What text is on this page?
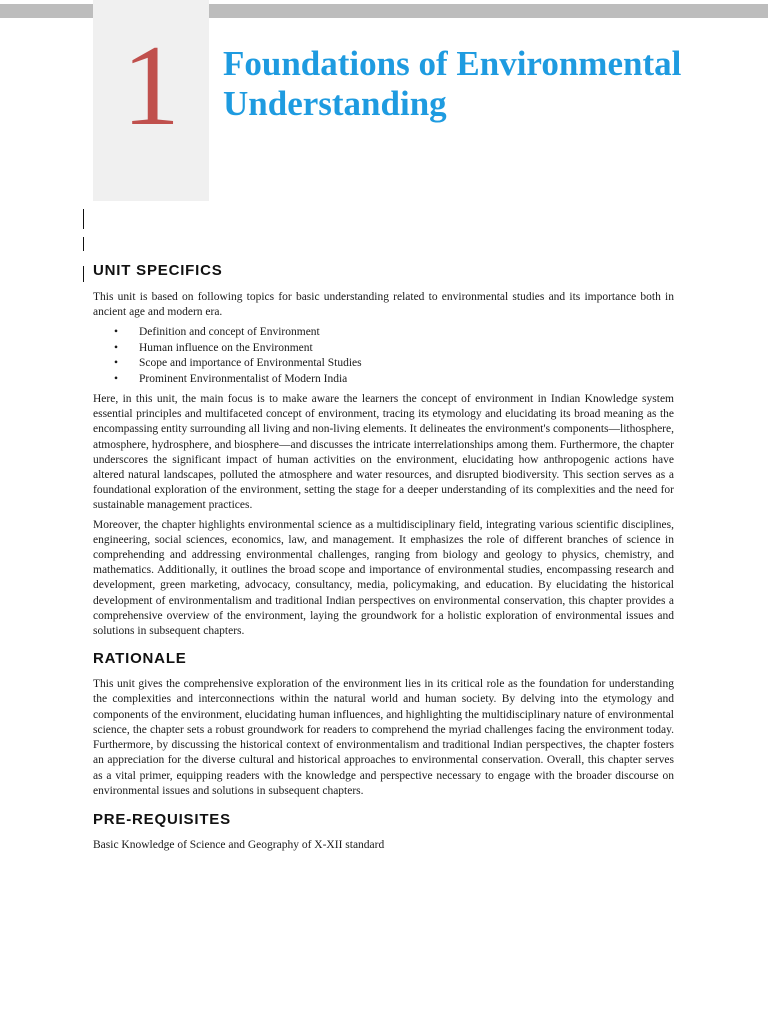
1	Foundations of Environmental
Understanding
UNIT SPECIFICS

This unit is based on following topics for basic understanding related to environmental studies and its importance both in ancient age and modern era.

• Definition and concept of Environment
• Human influence on the Environment
• Scope and importance of Environmental Studies
• Prominent Environmentalist of Modern India

Here, in this unit, the main focus is to make aware the learners the concept of environment in Indian Knowledge system essential principles and multifaceted concept of environment, tracing its etymology and elucidating its broad meaning as the encompassing entity surrounding all living and non-living elements. It delineates the environment's components—lithosphere, atmosphere, hydrosphere, and biosphere—and discusses the intricate interrelationships among them. Furthermore, the chapter underscores the significant impact of human activities on the environment, elucidating how anthropogenic actions have altered natural landscapes, polluted the atmosphere and water resources, and disrupted biodiversity. This section serves as a foundational exploration of the environment, setting the stage for a deeper understanding of its complexities and the need for sustainable management practices.

Moreover, the chapter highlights environmental science as a multidisciplinary field, integrating various scientific disciplines, engineering, social sciences, economics, law, and management. It emphasizes the role of different branches of science in comprehending and addressing environmental challenges, ranging from biology and geology to physics, chemistry, and mathematics. Additionally, it outlines the broad scope and importance of environmental studies, encompassing research and development, green marketing, advocacy, consultancy, media, policymaking, and education. By elucidating the historical development of environmentalism and traditional Indian perspectives on environmental conservation, this chapter provides a comprehensive overview of the environment, laying the groundwork for a holistic exploration of environmental issues and solutions in subsequent chapters.

RATIONALE

This unit gives the comprehensive exploration of the environment lies in its critical role as the foundation for understanding the complexities and interconnections within the natural world and human society. By delving into the etymology and components of the environment, elucidating human influences, and highlighting the multidisciplinary nature of environmental science, the chapter sets a robust groundwork for readers to comprehend the myriad challenges facing the environment today. Furthermore, by discussing the historical context of environmentalism and traditional Indian perspectives, the chapter fosters an appreciation for the diverse cultural and historical approaches to environmental conservation. Overall, this chapter serves as a vital primer, equipping readers with the knowledge and perspective necessary to engage with the broader discourse on environmental issues and solutions in subsequent chapters.

PRE-REQUISITES

Basic Knowledge of Science and Geography of X-XII standard
